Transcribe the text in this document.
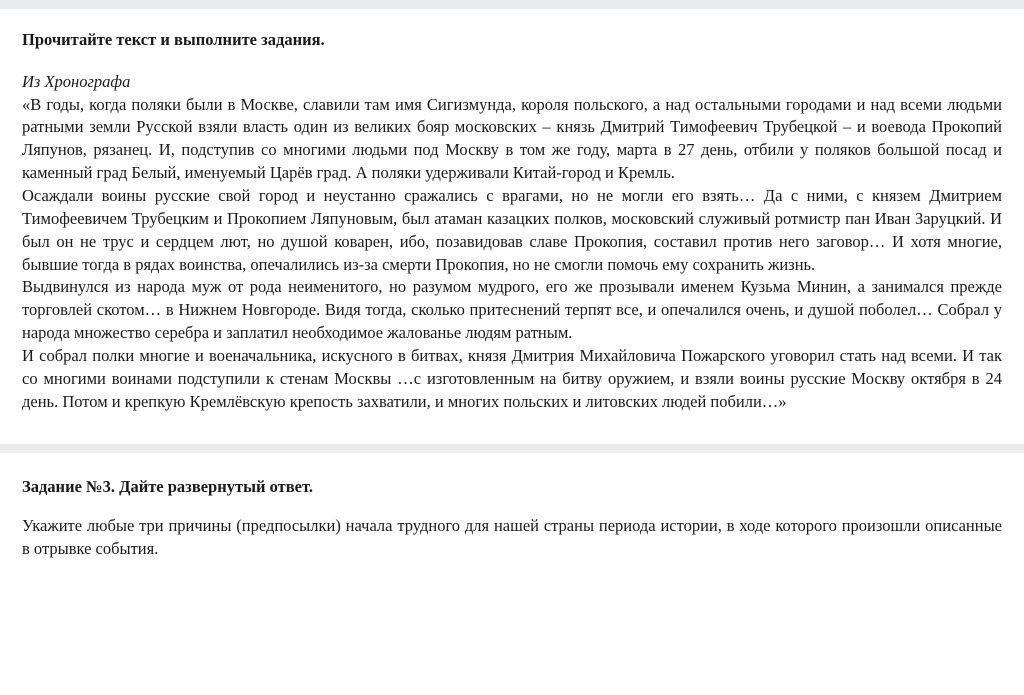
Прочитайте текст и выполните задания.

Из Хронографа

«В годы, когда поляки были в Москве, славили там имя Сигизмунда, короля польского, а над остальными городами и над всеми людьми ратными земли Русской взяли власть один из великих бояр московских – князь Дмитрий Тимофеевич Трубецкой – и воевода Прокопий Ляпунов, рязанец. И, подступив со многими людьми под Москву в том же году, марта в 27 день, отбили у поляков большой посад и каменный град Белый, именуемый Царёв град. А поляки удерживали Китай-город и Кремль.

Осаждали воины русские свой город и неустанно сражались с врагами, но не могли его взять… Да с ними, с князем Дмитрием Тимофеевичем Трубецким и Прокопием Ляпуновым, был атаман казацких полков, московский служивый ротмистр пан Иван Заруцкий. И был он не трус и сердцем лют, но душой коварен, ибо, позавидовав славе Прокопия, составил против него заговор… И хотя многие, бывшие тогда в рядах воинства, опечалились из-за смерти Прокопия, но не смогли помочь ему сохранить жизнь.

Выдвинулся из народа муж от рода неименитого, но разумом мудрого, его же прозывали именем Кузьма Минин, а занимался прежде торговлей скотом… в Нижнем Новгороде. Видя тогда, сколько притеснений терпят все, и опечалился очень, и душой поболел… Собрал у народа множество серебра и заплатил необходимое жалованье людям ратным.

И собрал полки многие и военачальника, искусного в битвах, князя Дмитрия Михайловича Пожарского уговорил стать над всеми. И так со многими воинами подступили к стенам Москвы …с изготовленным на битву оружием, и взяли воины русские Москву октября в 24 день. Потом и крепкую Кремлёвскую крепость захватили, и многих польских и литовских людей побили…»

Задание №3. Дайте развернутый ответ.

Укажите любые три причины (предпосылки) начала трудного для нашей страны периода истории, в ходе которого произошли описанные в отрывке события.
